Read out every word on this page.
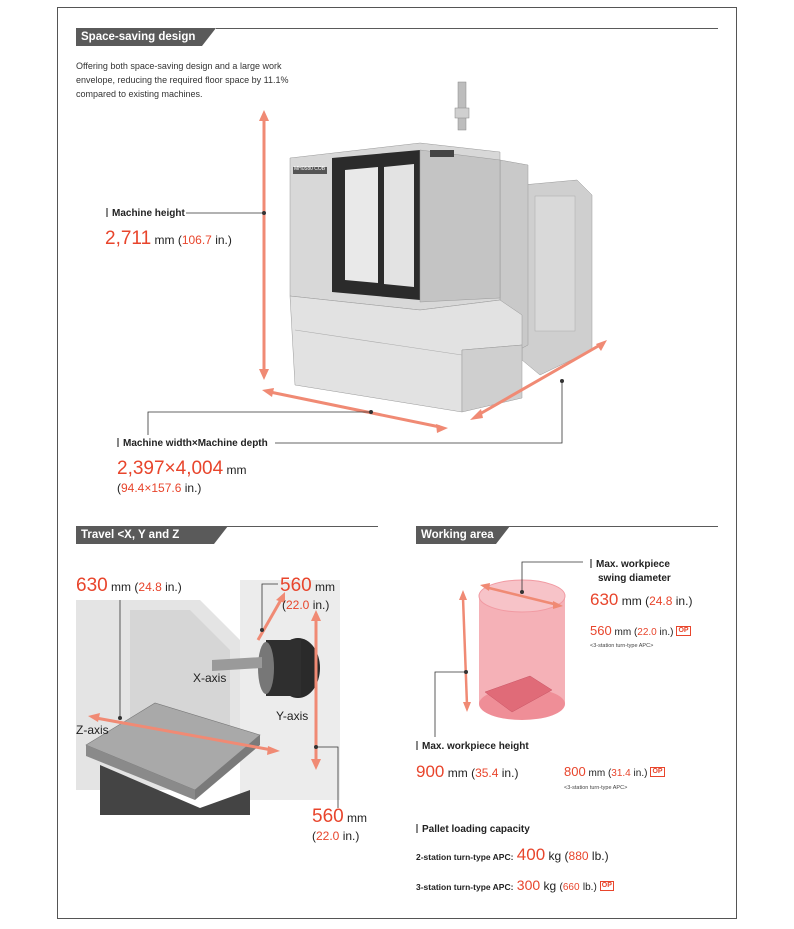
Space-saving design
Offering both space-saving design and a large work envelope, reducing the required floor space by 11.1% compared to existing machines.
MH0580 COB
Machine height
2,711 mm (106.7 in.)
Machine width×Machine depth
2,397×4,004 mm
(94.4×157.6 in.)
Travel <X, Y and Z axes>
630 mm (24.8 in.)	560 mm
(22.0 in.)
560 mm
(22.0 in.)
X-axis
Y-axis
Z-axis
Working area
Max. workpiece
swing diameter
630 mm (24.8 in.)
560 mm (22.0 in.) OP
<3-station turn-type APC>
Max. workpiece height
900 mm (35.4 in.)	800 mm (31.4 in.) OP
<3-station turn-type APC>
Pallet loading capacity
2-station turn-type APC: 400 kg (880 lb.)
3-station turn-type APC: 300 kg (660 lb.) OP
